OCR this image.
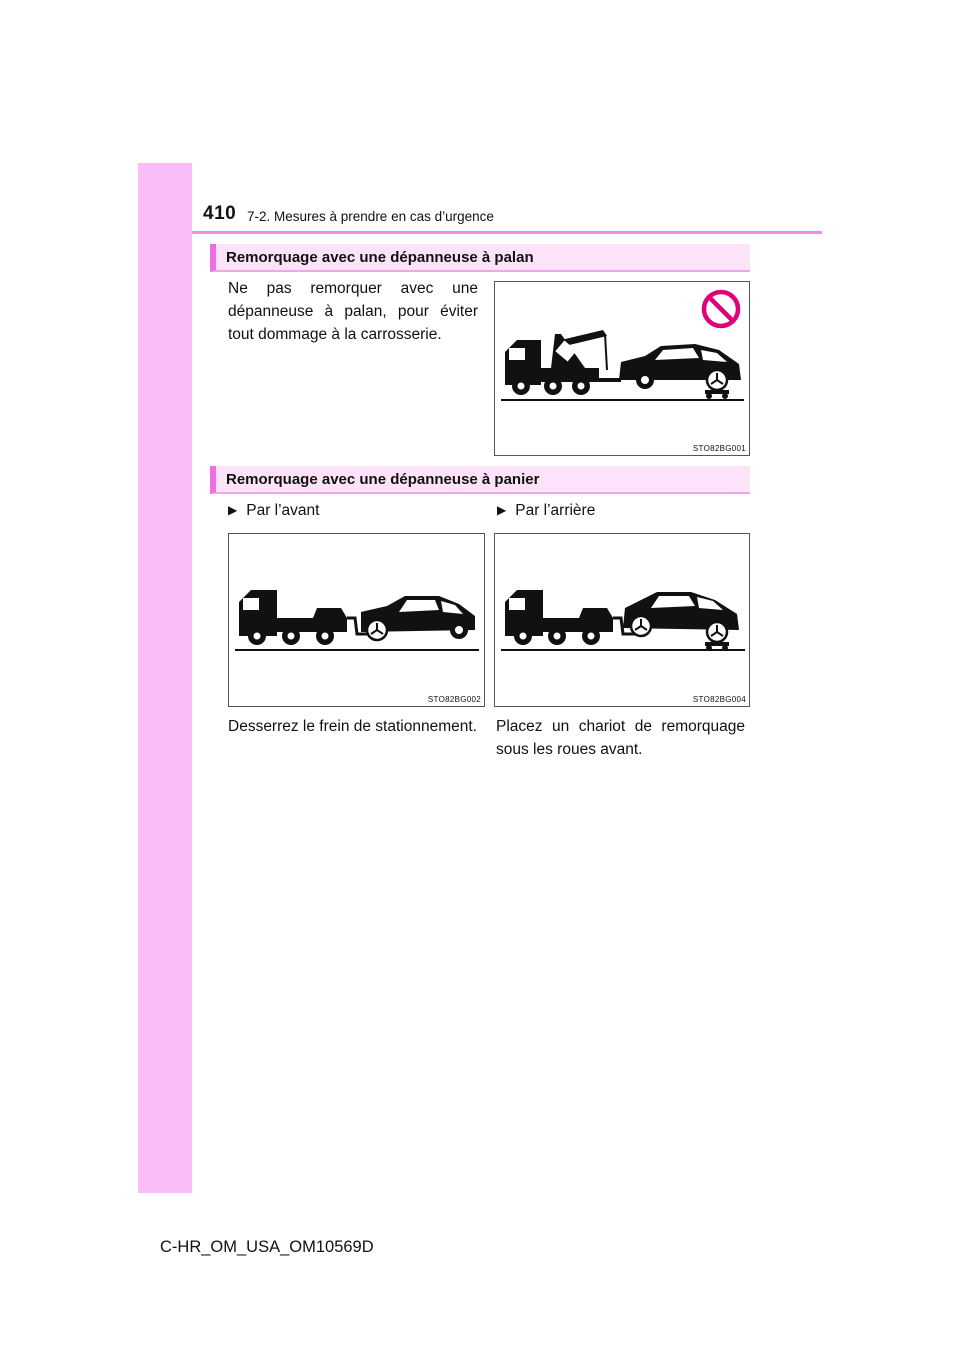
410 7-2. Mesures à prendre en cas d’urgence
Remorquage avec une dépanneuse à palan

Ne pas remorquer avec une dépanneuse à palan, pour éviter tout dommage à la carrosserie.

STO82BG001
Remorquage avec une dépanneuse à panier
▶ Par l’avant	▶ Par l’arrière
STO82BG002	STO82BG004

Desserrez le frein de stationnement. Placez un chariot de remorquage sous les roues avant.

C-HR_OM_USA_OM10569D
